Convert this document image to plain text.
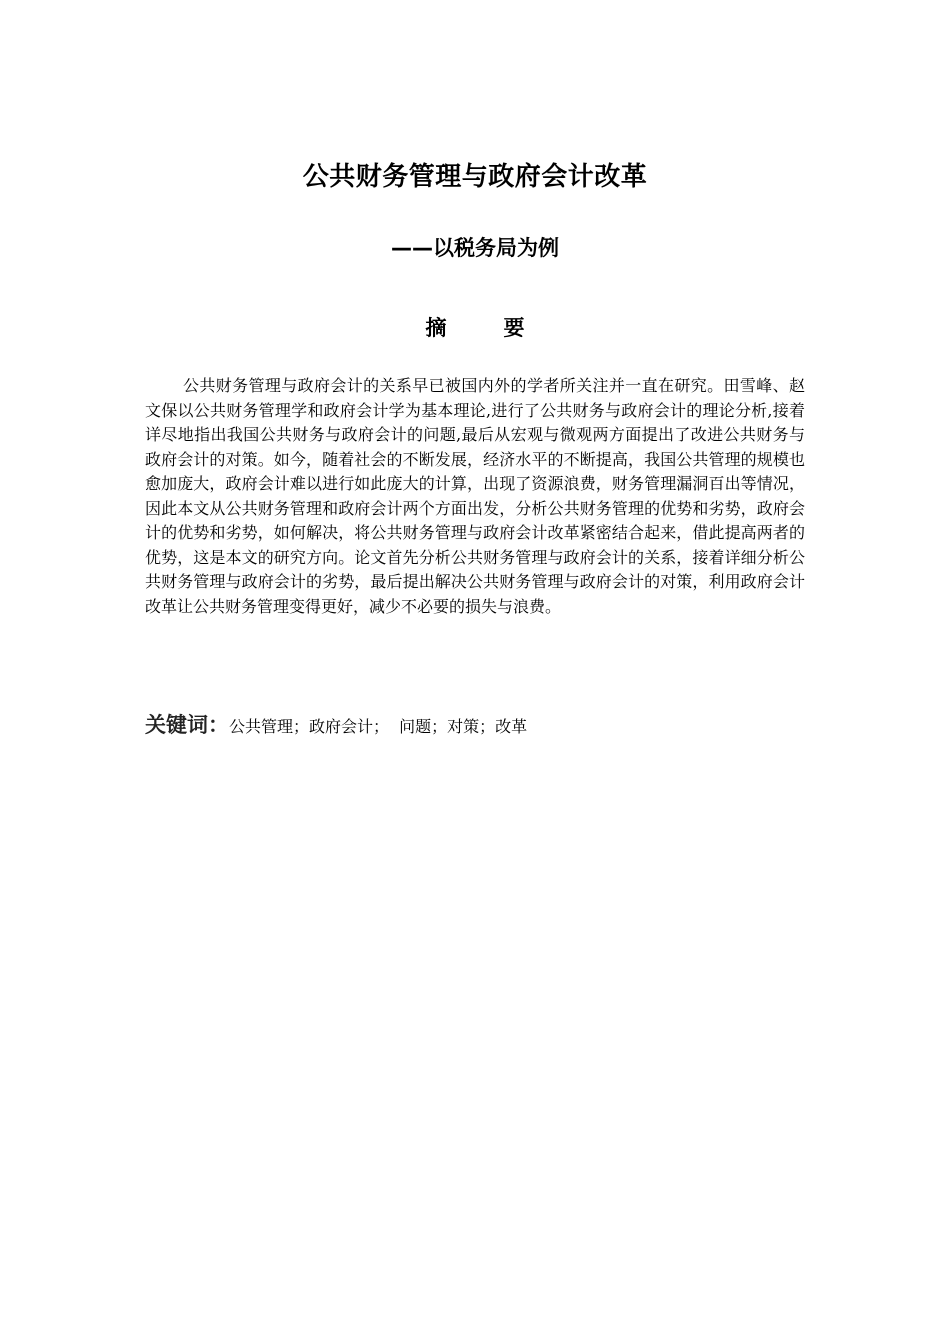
公共财务管理与政府会计改革
——以税务局为例
摘　要

公共财务管理与政府会计的关系早已被国内外的学者所关注并一直在研究。田雪峰、赵文保以公共财务管理学和政府会计学为基本理论,进行了公共财务与政府会计的理论分析,接着详尽地指出我国公共财务与政府会计的问题,最后从宏观与微观两方面提出了改进公共财务与政府会计的对策。如今，随着社会的不断发展，经济水平的不断提高，我国公共管理的规模也愈加庞大，政府会计难以进行如此庞大的计算，出现了资源浪费，财务管理漏洞百出等情况，因此本文从公共财务管理和政府会计两个方面出发，分析公共财务管理的优势和劣势，政府会计的优势和劣势，如何解决，将公共财务管理与政府会计改革紧密结合起来，借此提高两者的优势，这是本文的研究方向。论文首先分析公共财务管理与政府会计的关系，接着详细分析公共财务管理与政府会计的劣势，最后提出解决公共财务管理与政府会计的对策，利用政府会计改革让公共财务管理变得更好，减少不必要的损失与浪费。

关键词：公共管理；政府会计；  问题；对策；改革
